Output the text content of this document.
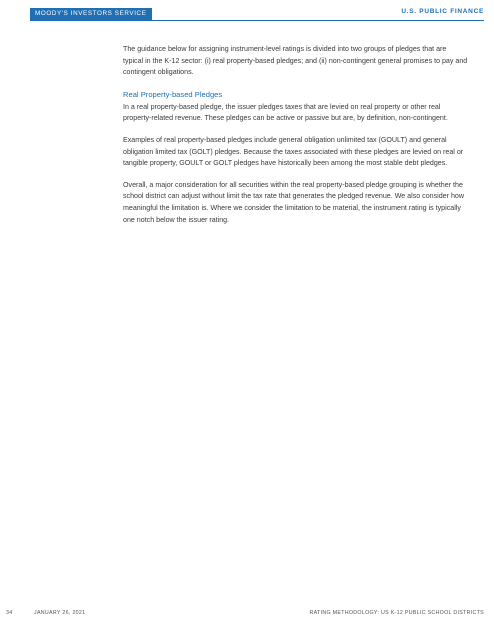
MOODY'S INVESTORS SERVICE	U.S. PUBLIC FINANCE

The guidance below for assigning instrument-level ratings is divided into two groups of pledges that are typical in the K-12 sector: (i) real property-based pledges; and (ii) non-contingent general promises to pay and contingent obligations.

Real Property-based Pledges

In a real property-based pledge, the issuer pledges taxes that are levied on real property or other real property-related revenue. These pledges can be active or passive but are, by definition, non-contingent.

Examples of real property-based pledges include general obligation unlimited tax (GOULT) and general obligation limited tax (GOLT) pledges. Because the taxes associated with these pledges are levied on real or tangible property, GOULT or GOLT pledges have historically been among the most stable debt pledges.

Overall, a major consideration for all securities within the real property-based pledge grouping is whether the school district can adjust without limit the tax rate that generates the pledged revenue. We also consider how meaningful the limitation is. Where we consider the limitation to be material, the instrument rating is typically one notch below the issuer rating.

34	JANUARY 26, 2021	RATING METHODOLOGY: US K-12 PUBLIC SCHOOL DISTRICTS
